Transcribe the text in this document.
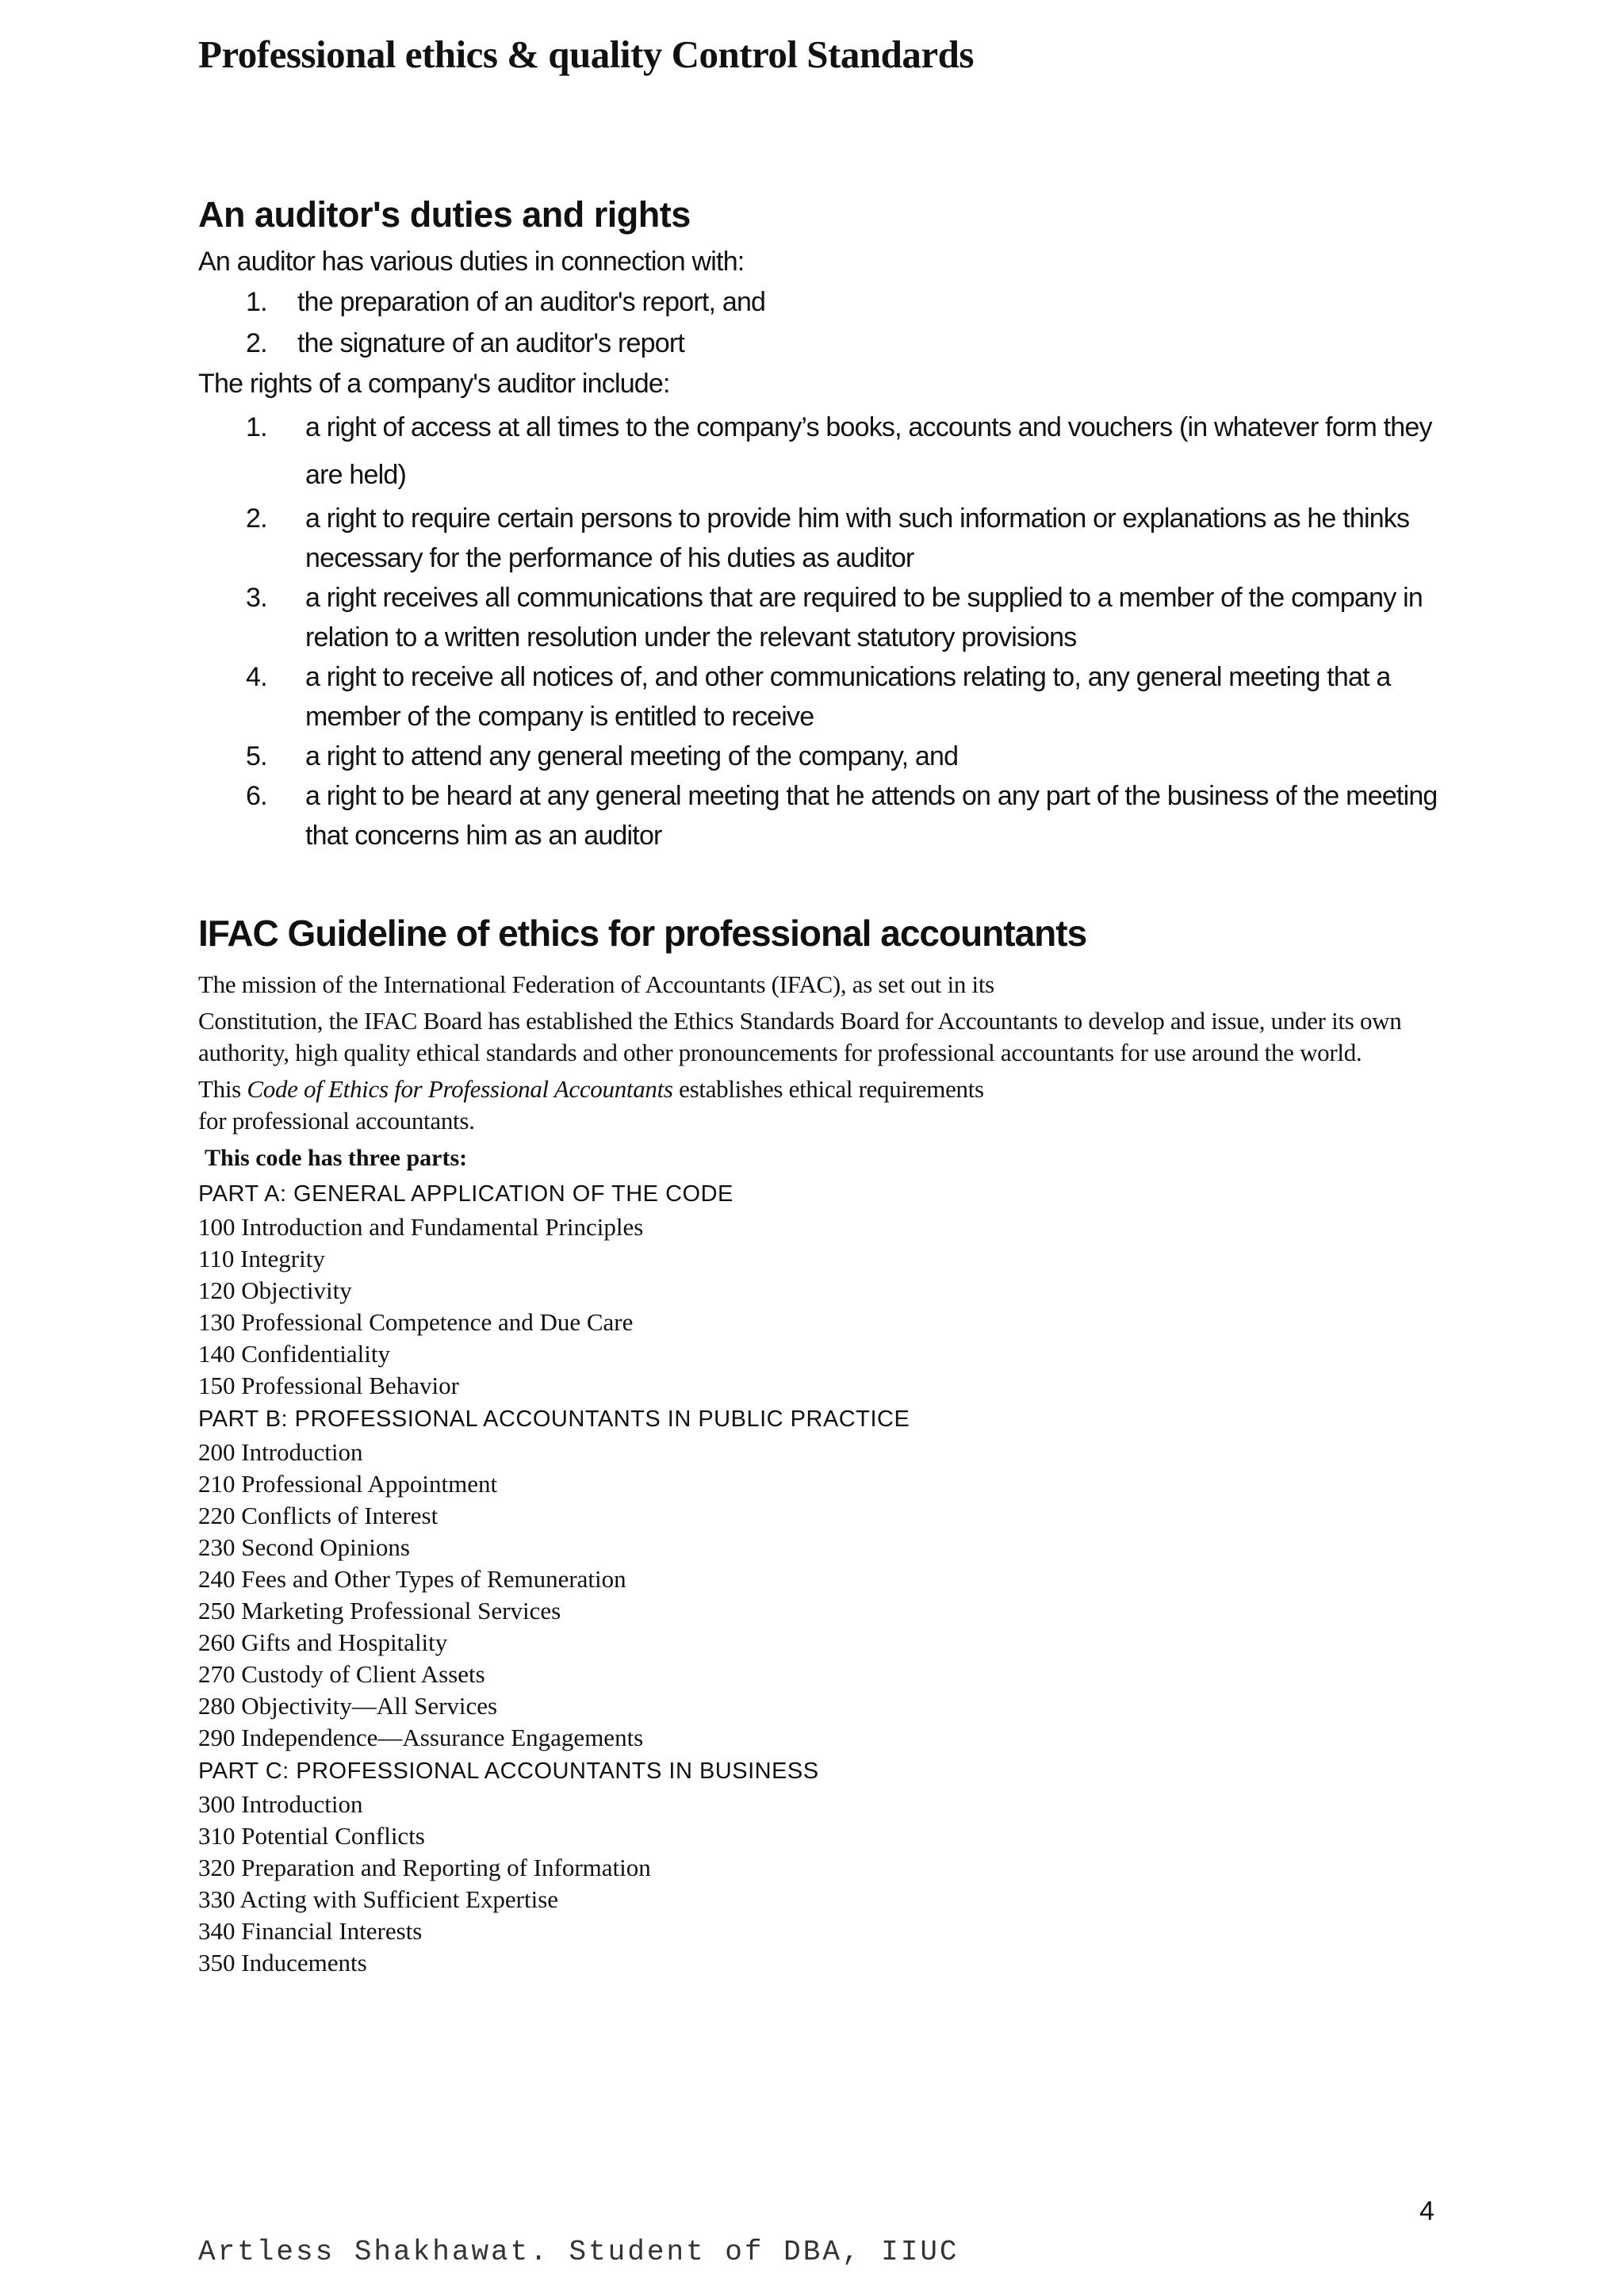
Professional ethics & quality Control Standards
An auditor's duties and rights

An auditor has various duties in connection with:

1. the preparation of an auditor's report, and
2. the signature of an auditor's report

The rights of a company's auditor include:

1. a right of access at all times to the company’s books, accounts and vouchers (in whatever form they are held)
2. a right to require certain persons to provide him with such information or explanations as he thinks necessary for the performance of his duties as auditor
3. a right receives all communications that are required to be supplied to a member of the company in relation to a written resolution under the relevant statutory provisions
4. a right to receive all notices of, and other communications relating to, any general meeting that a member of the company is entitled to receive
5. a right to attend any general meeting of the company, and
6. a right to be heard at any general meeting that he attends on any part of the business of the meeting that concerns him as an auditor
IFAC Guideline of ethics for professional accountants

The mission of the International Federation of Accountants (IFAC), as set out in its

Constitution, the IFAC Board has established the Ethics Standards Board for Accountants to develop and issue, under its own authority, high quality ethical standards and other pronouncements for professional accountants for use around the world.

This Code of Ethics for Professional Accountants establishes ethical requirements

for professional accountants.

This code has three parts:

PART A: GENERAL APPLICATION OF THE CODE

100 Introduction and Fundamental Principles
110 Integrity
120 Objectivity
130 Professional Competence and Due Care
140 Confidentiality
150 Professional Behavior

PART B: PROFESSIONAL ACCOUNTANTS IN PUBLIC PRACTICE

200 Introduction
210 Professional Appointment
220 Conflicts of Interest
230 Second Opinions
240 Fees and Other Types of Remuneration
250 Marketing Professional Services
260 Gifts and Hospitality
270 Custody of Client Assets
280 Objectivity—All Services
290 Independence—Assurance Engagements

PART C: PROFESSIONAL ACCOUNTANTS IN BUSINESS

300 Introduction
310 Potential Conflicts
320 Preparation and Reporting of Information
330 Acting with Sufficient Expertise
340 Financial Interests
350 Inducements
4
Artless Shakhawat. Student of DBA, IIUC
